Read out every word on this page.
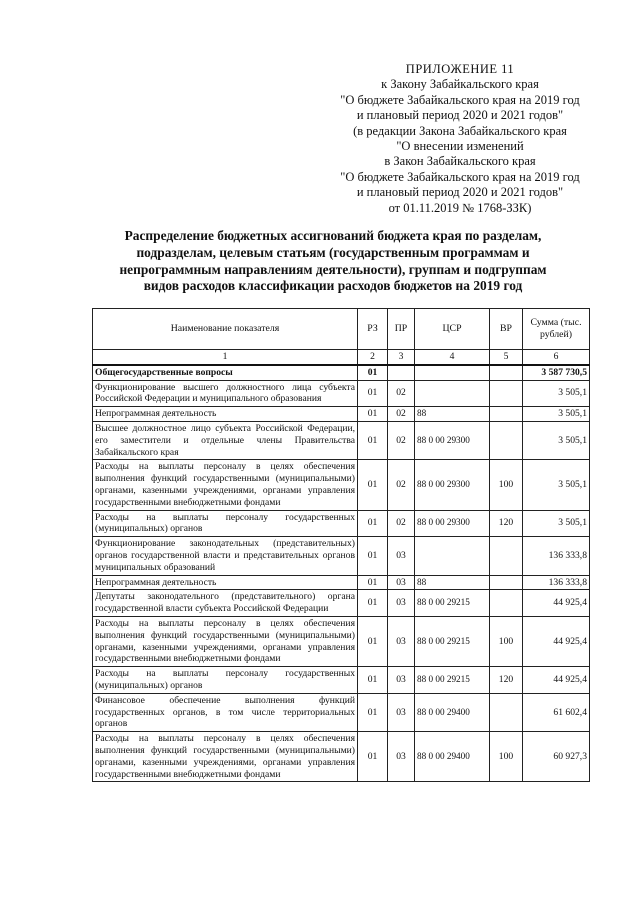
ПРИЛОЖЕНИЕ 11
к Закону Забайкальского края
"О бюджете Забайкальского края на 2019 год
и плановый период 2020 и 2021 годов"
(в редакции Закона Забайкальского края
"О внесении изменений
в Закон Забайкальского края
"О бюджете Забайкальского края на 2019 год
и плановый период 2020 и 2021 годов"
от 01.11.2019 № 1768-ЗЗК)
Распределение бюджетных ассигнований бюджета края по разделам,
подразделам, целевым статьям (государственным программам и
непрограммным направлениям деятельности), группам и подгруппам
видов расходов классификации расходов бюджетов на 2019 год
Наименование показателя	РЗ	ПР	ЦСР	ВР	Сумма (тыс. рублей)
1	2	3	4	5	6
Общегосударственные вопросы	01				3 587 730,5
Функционирование высшего должностного лица субъекта Российской Федерации и муниципального образования	01	02			3 505,1
Непрограммная деятельность	01	02	88		3 505,1
Высшее должностное лицо субъекта Российской Федерации, его заместители и отдельные члены Правительства Забайкальского края	01	02	88 0 00 29300		3 505,1
Расходы на выплаты персоналу в целях обеспечения выполнения функций государственными (муниципальными) органами, казенными учреждениями, органами управления государственными внебюджетными фондами	01	02	88 0 00 29300	100	3 505,1
Расходы на выплаты персоналу государственных (муниципальных) органов	01	02	88 0 00 29300	120	3 505,1
Функционирование законодательных (представительных) органов государственной власти и представительных органов муниципальных образований	01	03			136 333,8
Непрограммная деятельность	01	03	88		136 333,8
Депутаты законодательного (представительного) органа государственной власти субъекта Российской Федерации	01	03	88 0 00 29215		44 925,4
Расходы на выплаты персоналу в целях обеспечения выполнения функций государственными (муниципальными) органами, казенными учреждениями, органами управления государственными внебюджетными фондами	01	03	88 0 00 29215	100	44 925,4
Расходы на выплаты персоналу государственных (муниципальных) органов	01	03	88 0 00 29215	120	44 925,4
Финансовое обеспечение выполнения функций государственных органов, в том числе территориальных органов	01	03	88 0 00 29400		61 602,4
Расходы на выплаты персоналу в целях обеспечения выполнения функций государственными (муниципальными) органами, казенными учреждениями, органами управления государственными внебюджетными фондами	01	03	88 0 00 29400	100	60 927,3
